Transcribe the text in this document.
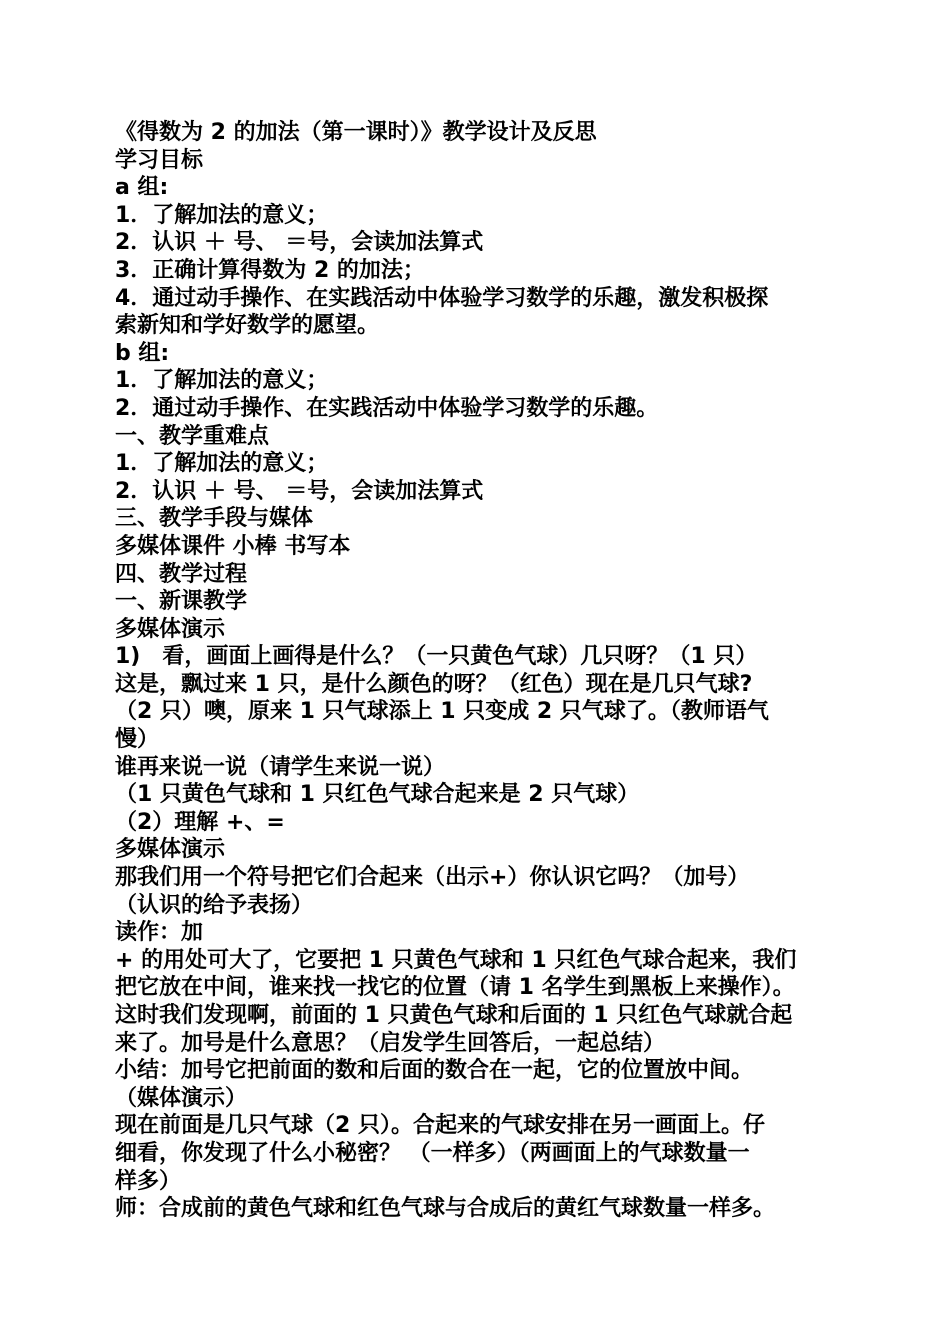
《得数为 2 的加法（第一课时）》教学设计及反思
学习目标
a 组:
1．了解加法的意义；
2．认识 ＋ 号、 ＝号，会读加法算式
3．正确计算得数为 2 的加法；
4．通过动手操作、在实践活动中体验学习数学的乐趣，激发积极探
索新知和学好数学的愿望。
b 组:
1．了解加法的意义；
2．通过动手操作、在实践活动中体验学习数学的乐趣。
一、教学重难点
1．了解加法的意义；
2．认识 ＋ 号、 ＝号，会读加法算式
三、教学手段与媒体
多媒体课件 小棒 书写本
四、教学过程
一、新课教学
多媒体演示
1)　看，画面上画得是什么？（一只黄色气球）几只呀？（1 只）
这是，飘过来 1 只，是什么颜色的呀？（红色）现在是几只气球?
（2 只）噢，原来 1 只气球添上 1 只变成 2 只气球了。（教师语气
慢）
谁再来说一说（请学生来说一说）
（1 只黄色气球和 1 只红色气球合起来是 2 只气球）
（2）理解 +、=
多媒体演示
那我们用一个符号把它们合起来（出示+）你认识它吗？（加号）
（认识的给予表扬）
读作：加
+ 的用处可大了，它要把 1 只黄色气球和 1 只红色气球合起来，我们
把它放在中间，谁来找一找它的位置（请 1 名学生到黑板上来操作）。
这时我们发现啊，前面的 1 只黄色气球和后面的 1 只红色气球就合起
来了。加号是什么意思？（启发学生回答后，一起总结）
小结：加号它把前面的数和后面的数合在一起，它的位置放中间。
（媒体演示）
现在前面是几只气球（2 只）。合起来的气球安排在另一画面上。仔
细看，你发现了什么小秘密？ （一样多）（两画面上的气球数量一
样多）
师：合成前的黄色气球和红色气球与合成后的黄红气球数量一样多。
